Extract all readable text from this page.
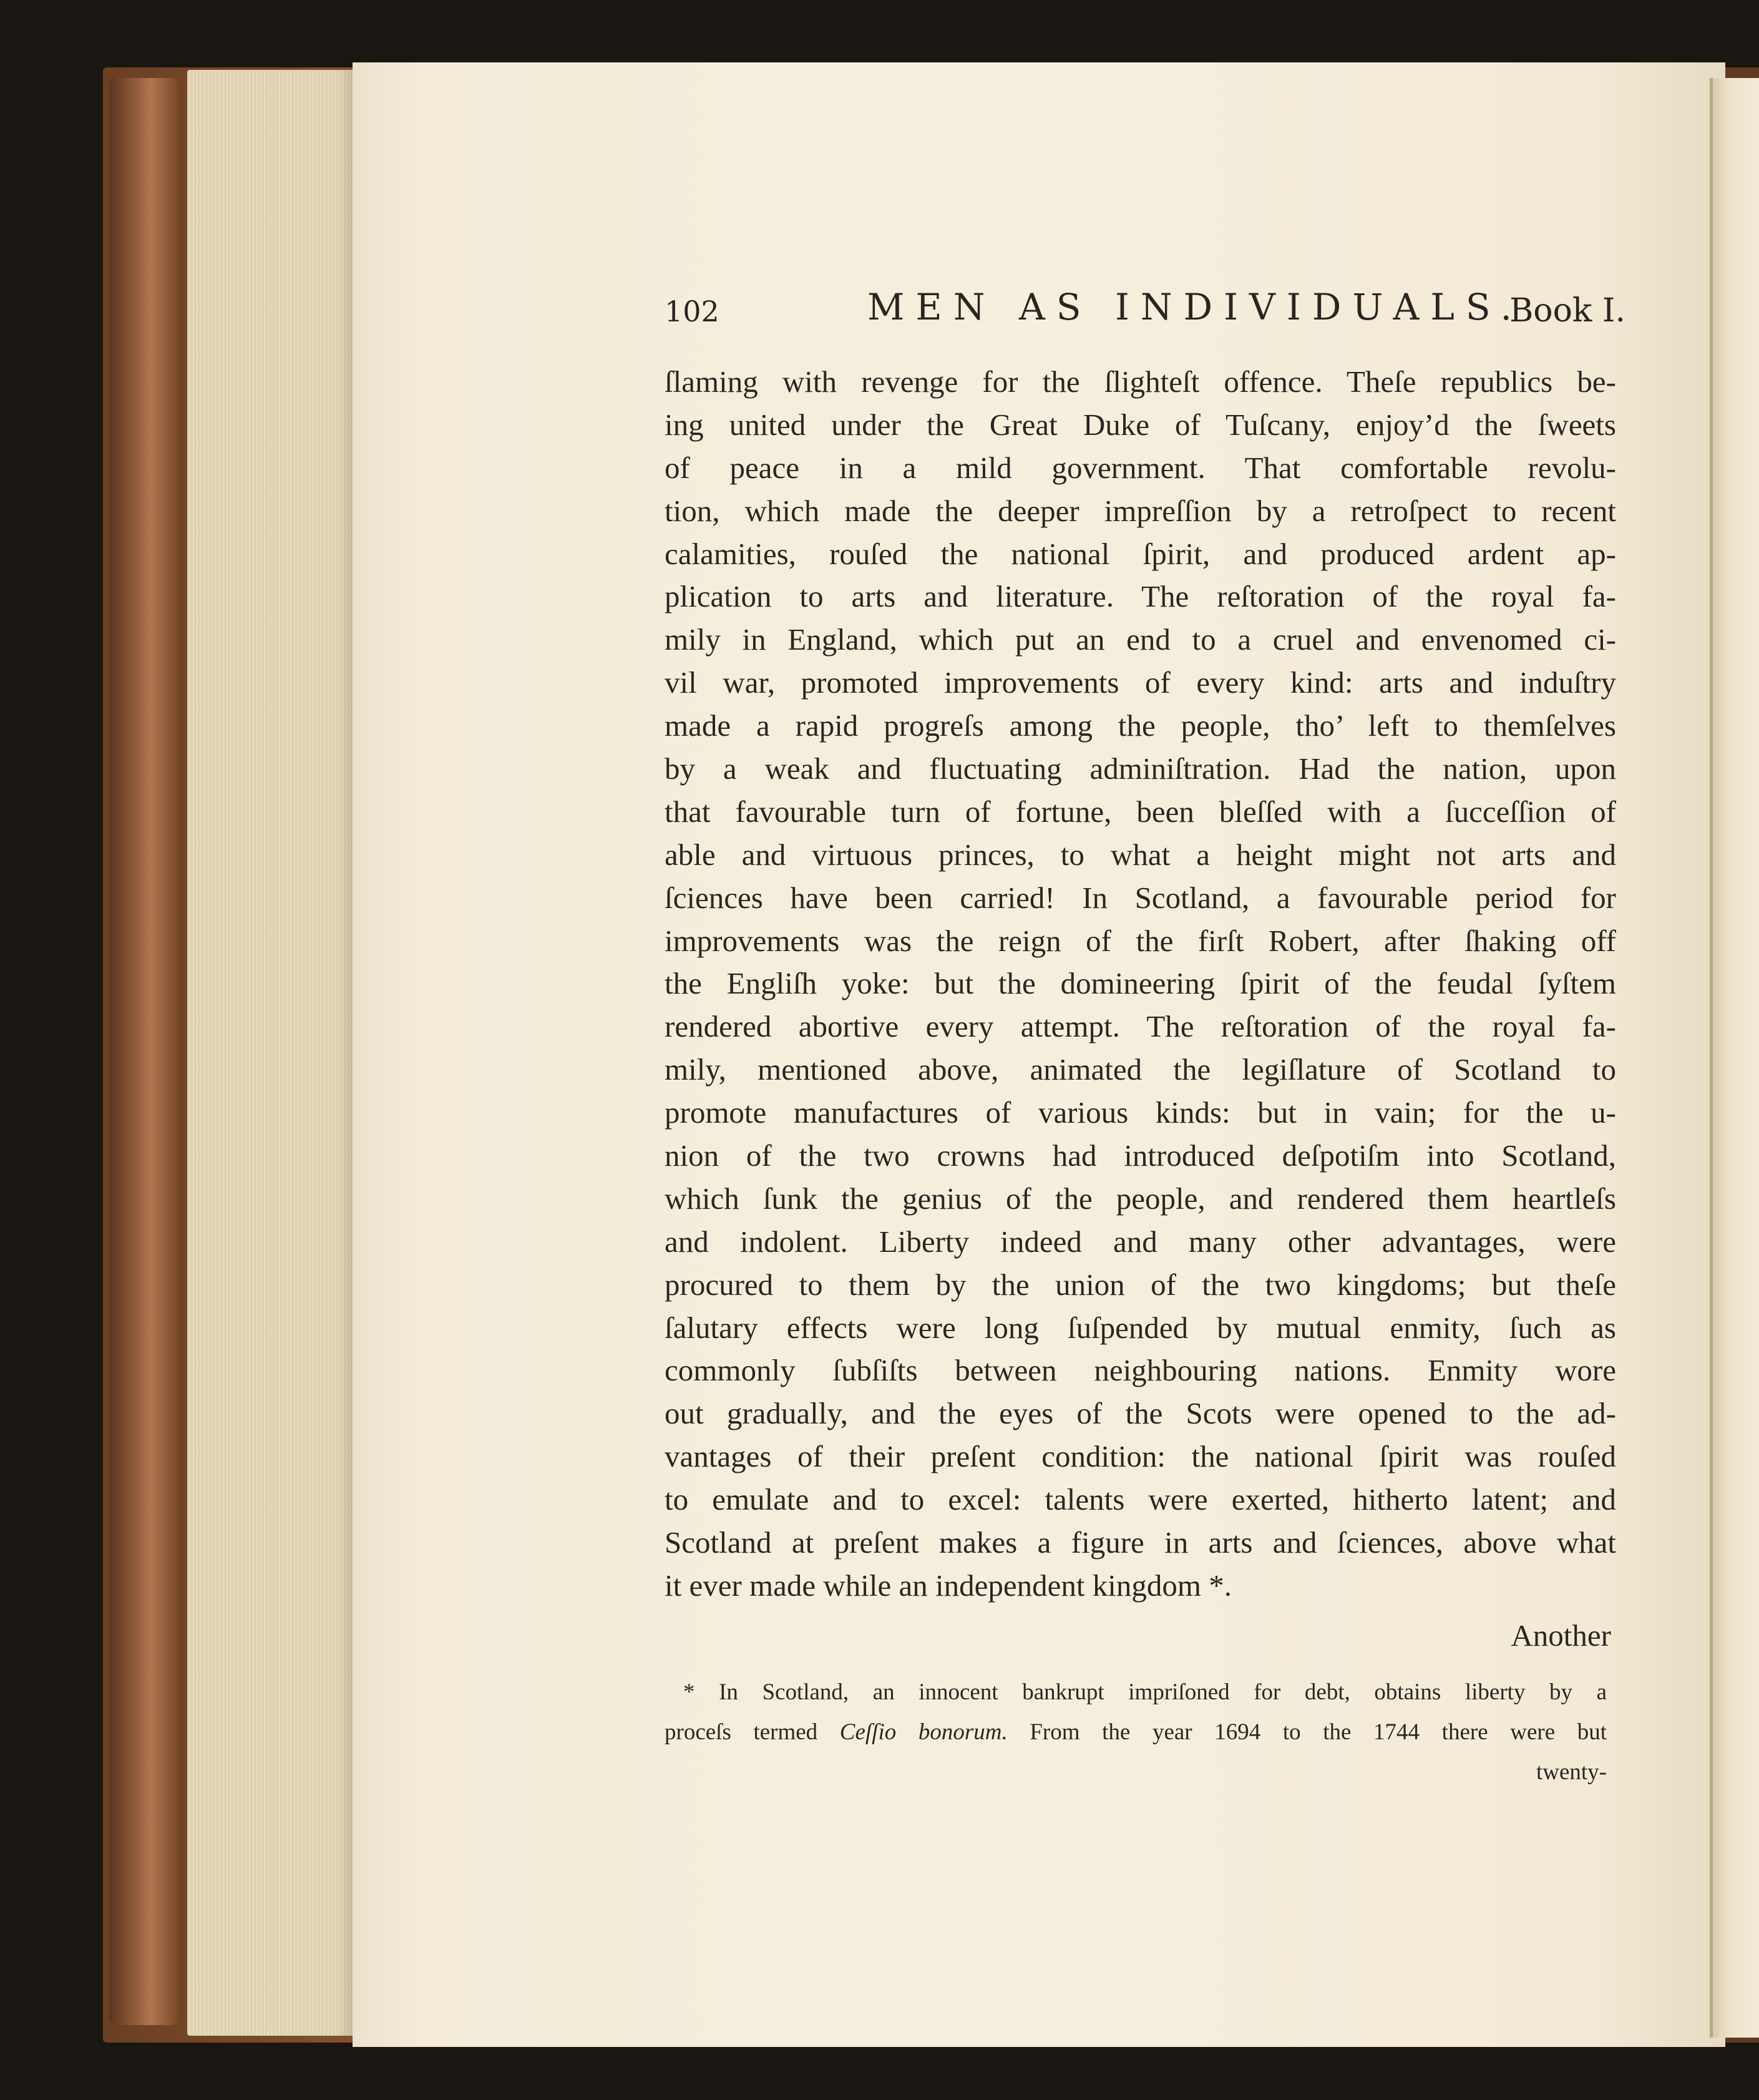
102	MEN AS INDIVIDUALS.
Book I.
ſlaming with revenge for the ſlighteſt offence. Theſe republics be-
ing united under the Great Duke of Tuſcany, enjoy’d the ſweets
of peace in a mild government. That comfortable revolu-
tion, which made the deeper impreſſion by a retroſpect to recent
calamities, rouſed the national ſpirit, and produced ardent ap-
plication to arts and literature. The reſtoration of the royal fa-
mily in England, which put an end to a cruel and envenomed ci-
vil war, promoted improvements of every kind: arts and induſtry
made a rapid progreſs among the people, tho’ left to themſelves
by a weak and fluctuating adminiſtration. Had the nation, upon
that favourable turn of fortune, been bleſſed with a ſucceſſion of
able and virtuous princes, to what a height might not arts and
ſciences have been carried! In Scotland, a favourable period for
improvements was the reign of the firſt Robert, after ſhaking off
the Engliſh yoke: but the domineering ſpirit of the feudal ſyſtem
rendered abortive every attempt. The reſtoration of the royal fa-
mily, mentioned above, animated the legiſlature of Scotland to
promote manufactures of various kinds: but in vain; for the u-
nion of the two crowns had introduced deſpotiſm into Scotland,
which ſunk the genius of the people, and rendered them heartleſs
and indolent. Liberty indeed and many other advantages, were
procured to them by the union of the two kingdoms; but theſe
ſalutary effects were long ſuſpended by mutual enmity, ſuch as
commonly ſubſiſts between neighbouring nations. Enmity wore
out gradually, and the eyes of the Scots were opened to the ad-
vantages of their preſent condition: the national ſpirit was rouſed
to emulate and to excel: talents were exerted, hitherto latent; and
Scotland at preſent makes a figure in arts and ſciences, above what
it ever made while an independent kingdom *.
Another
* In Scotland, an innocent bankrupt impriſoned for debt, obtains liberty by a
proceſs termed Ceſſio bonorum. From the year 1694 to the 1744 there were but
twenty-
